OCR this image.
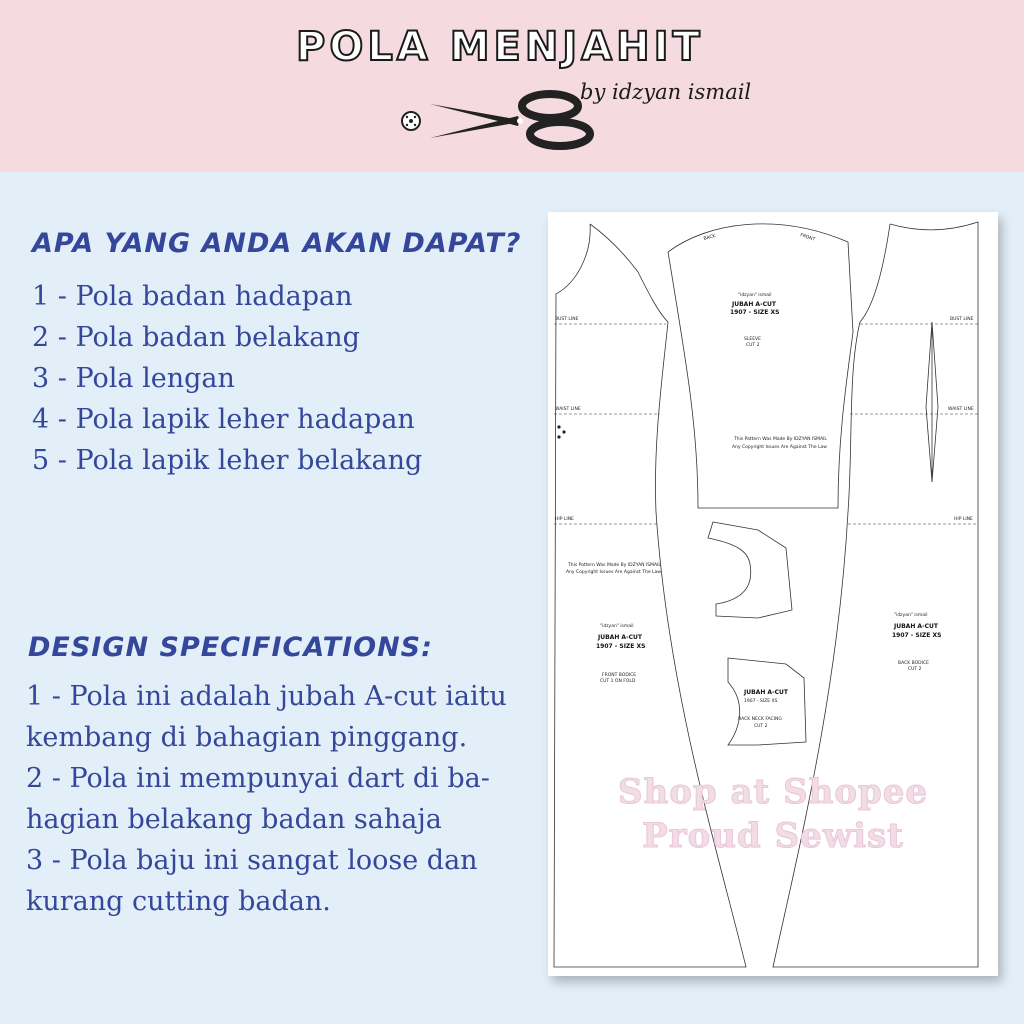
POLA MENJAHIT
by idzyan ismail
APA YANG ANDA AKAN DAPAT?
1 - Pola badan hadapan
2 - Pola badan belakang
3 - Pola lengan
4 - Pola lapik leher hadapan
5 - Pola lapik leher belakang
DESIGN SPECIFICATIONS:
1 - Pola ini adalah jubah A-cut iaitu
kembang di bahagian pinggang.
2 - Pola ini mempunyai dart di ba-
hagian belakang badan sahaja
3 - Pola baju ini sangat loose dan
kurang cutting badan.
BUST LINE	BUST LINE
WAIST LINE	WAIST LINE
HIP LINE	HIP LINE
BACK	FRONT
"idzyan" ismail
JUBAH A-CUT
1907 - SIZE XS
SLEEVE
CUT 2
This Pattern Was Made By IDZYAN ISMAIL
Any Copyright Issues Are Against The Law
This Pattern Was Made By IDZYAN ISMAIL
Any Copyright Issues Are Against The Law
"idzyan" ismail
JUBAH A-CUT
1907 - SIZE XS
FRONT BODICE
CUT 1 ON FOLD
"idzyan" ismail
JUBAH A-CUT
1907 - SIZE XS
BACK BODICE
CUT 2
JUBAH A-CUT
1907 - SIZE XS
BACK NECK FACING
CUT 2
Shop at Shopee
Proud Sewist
